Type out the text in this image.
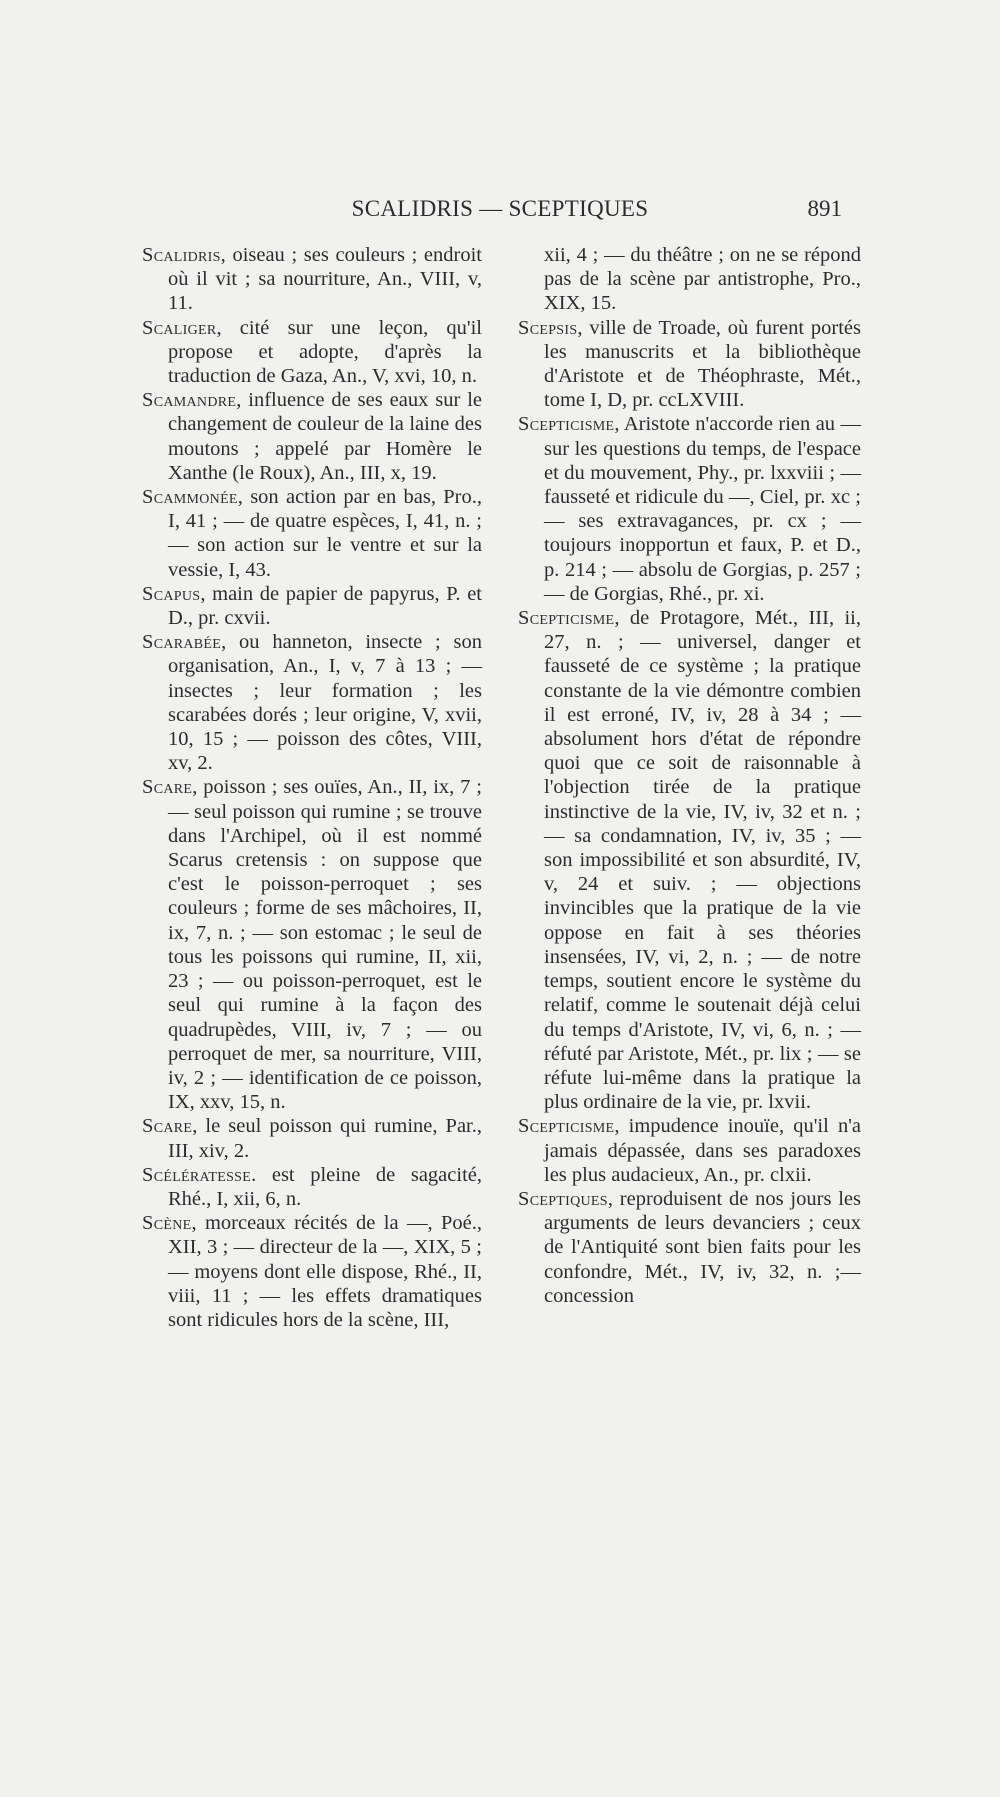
SCALIDRIS — SCEPTIQUES	891

Scalidris, oiseau ; ses couleurs ; endroit où il vit ; sa nourriture, An., VIII, v, 11.

Scaliger, cité sur une leçon, qu'il propose et adopte, d'après la traduction de Gaza, An., V, xvi, 10, n.

Scamandre, influence de ses eaux sur le changement de couleur de la laine des moutons ; appelé par Homère le Xanthe (le Roux), An., III, x, 19.

Scammonée, son action par en bas, Pro., I, 41 ; — de quatre espèces, I, 41, n. ; — son action sur le ventre et sur la vessie, I, 43.

Scapus, main de papier de papyrus, P. et D., pr. cxvii.

Scarabée, ou hanneton, insecte ; son organisation, An., I, v, 7 à 13 ; — insectes ; leur formation ; les scarabées dorés ; leur origine, V, xvii, 10, 15 ; — poisson des côtes, VIII, xv, 2.

Scare, poisson ; ses ouïes, An., II, ix, 7 ; — seul poisson qui rumine ; se trouve dans l'Archipel, où il est nommé Scarus cretensis : on suppose que c'est le poisson-perroquet ; ses couleurs ; forme de ses mâchoires, II, ix, 7, n. ; — son estomac ; le seul de tous les poissons qui rumine, II, xii, 23 ; — ou poisson-perroquet, est le seul qui rumine à la façon des quadrupèdes, VIII, iv, 7 ; — ou perroquet de mer, sa nourriture, VIII, iv, 2 ; — identification de ce poisson, IX, xxv, 15, n.

Scare, le seul poisson qui rumine, Par., III, xiv, 2.

Scélératesse. est pleine de sagacité, Rhé., I, xii, 6, n.

Scène, morceaux récités de la —, Poé., XII, 3 ; — directeur de la —, XIX, 5 ; — moyens dont elle dispose, Rhé., II, viii, 11 ; — les effets dramatiques sont ridicules hors de la scène, III,

xii, 4 ; — du théâtre ; on ne se répond pas de la scène par antistrophe, Pro., XIX, 15.

Scepsis, ville de Troade, où furent portés les manuscrits et la bibliothèque d'Aristote et de Théophraste, Mét., tome I, D, pr. ccLXVIII.

Scepticisme, Aristote n'accorde rien au — sur les questions du temps, de l'espace et du mouvement, Phy., pr. lxxviii ; — fausseté et ridicule du —, Ciel, pr. xc ; — ses extravagances, pr. cx ; — toujours inopportun et faux, P. et D., p. 214 ; — absolu de Gorgias, p. 257 ; — de Gorgias, Rhé., pr. xi.

Scepticisme, de Protagore, Mét., III, ii, 27, n. ; — universel, danger et fausseté de ce système ; la pratique constante de la vie démontre combien il est erroné, IV, iv, 28 à 34 ; — absolument hors d'état de répondre quoi que ce soit de raisonnable à l'objection tirée de la pratique instinctive de la vie, IV, iv, 32 et n. ; — sa condamnation, IV, iv, 35 ; — son impossibilité et son absurdité, IV, v, 24 et suiv. ; — objections invincibles que la pratique de la vie oppose en fait à ses théories insensées, IV, vi, 2, n. ; — de notre temps, soutient encore le système du relatif, comme le soutenait déjà celui du temps d'Aristote, IV, vi, 6, n. ; — réfuté par Aristote, Mét., pr. lix ; — se réfute lui-même dans la pratique la plus ordinaire de la vie, pr. lxvii.

Scepticisme, impudence inouïe, qu'il n'a jamais dépassée, dans ses paradoxes les plus audacieux, An., pr. clxii.

Sceptiques, reproduisent de nos jours les arguments de leurs devanciers ; ceux de l'Antiquité sont bien faits pour les confondre, Mét., IV, iv, 32, n. ;—concession
